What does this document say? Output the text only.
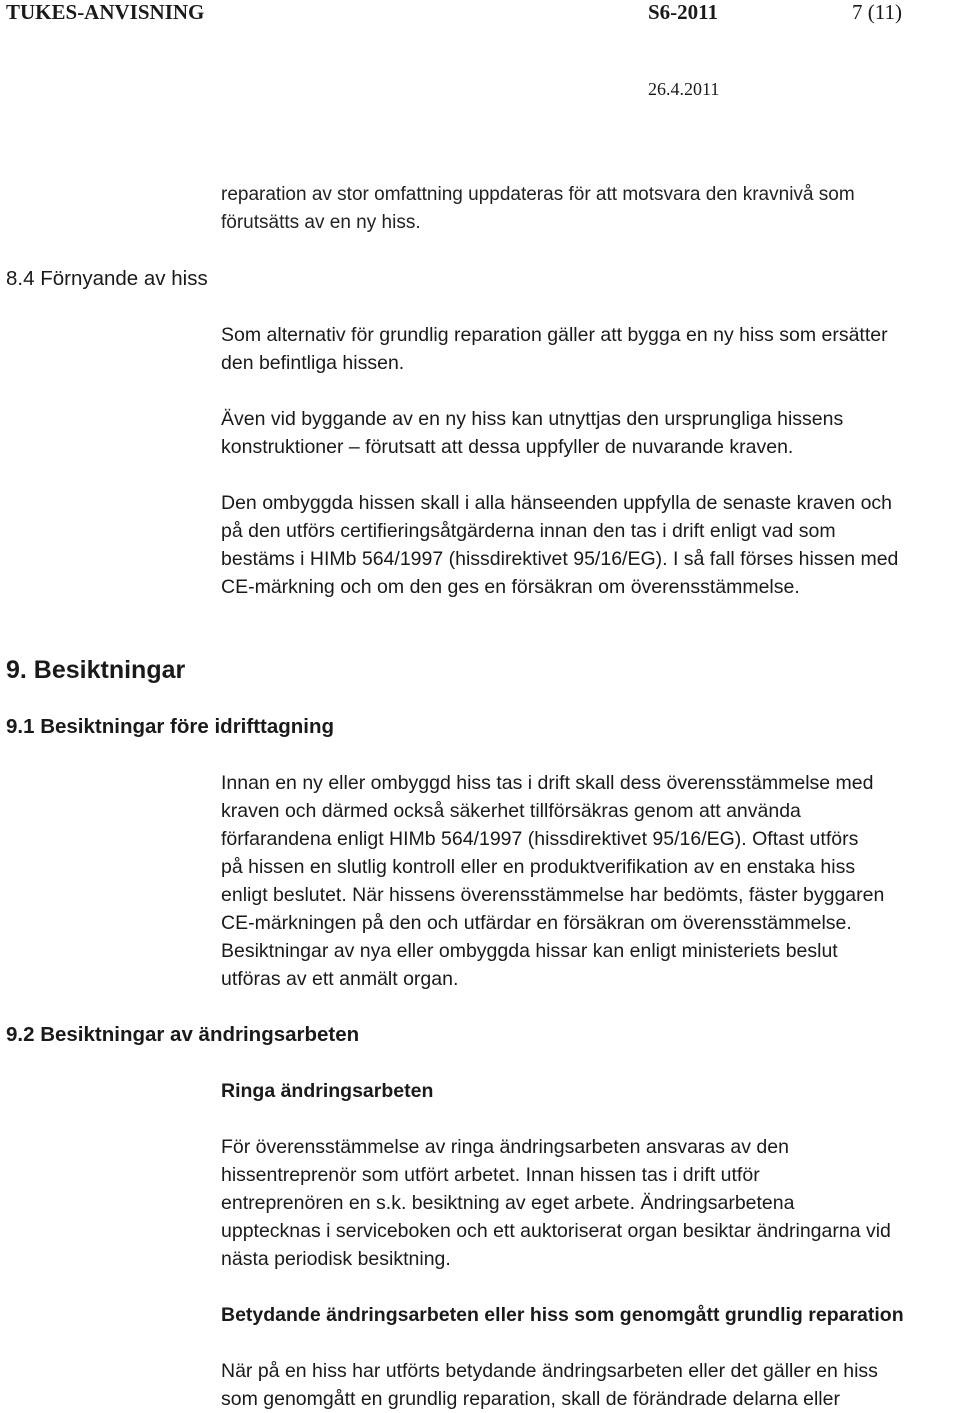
TUKES-ANVISNING	S6-2011	7 (11)
26.4.2011
reparation av stor omfattning uppdateras för att motsvara den kravnivå som
förutsätts av en ny hiss.
8.4 Förnyande av hiss
Som alternativ för grundlig reparation gäller att bygga en ny hiss som ersätter
den befintliga hissen.
Även vid byggande av en ny hiss kan utnyttjas den ursprungliga hissens
konstruktioner – förutsatt att dessa uppfyller de nuvarande kraven.
Den ombyggda hissen skall i alla hänseenden uppfylla de senaste kraven och
på den utförs certifieringsåtgärderna innan den tas i drift enligt vad som
bestäms i HIMb 564/1997 (hissdirektivet 95/16/EG). I så fall förses hissen med
CE-märkning och om den ges en försäkran om överensstämmelse.
9. Besiktningar
9.1 Besiktningar före idrifttagning
Innan en ny eller ombyggd hiss tas i drift skall dess överensstämmelse med
kraven och därmed också säkerhet tillförsäkras genom att använda
förfarandena enligt HIMb 564/1997 (hissdirektivet 95/16/EG). Oftast utförs
på hissen en slutlig kontroll eller en produktverifikation av en enstaka hiss
enligt beslutet. När hissens överensstämmelse har bedömts, fäster byggaren
CE-märkningen på den och utfärdar en försäkran om överensstämmelse.
Besiktningar av nya eller ombyggda hissar kan enligt ministeriets beslut
utföras av ett anmält organ.
9.2 Besiktningar av ändringsarbeten
Ringa ändringsarbeten
För överensstämmelse av ringa ändringsarbeten ansvaras av den
hissentreprenör som utfört arbetet. Innan hissen tas i drift utför
entreprenören en s.k. besiktning av eget arbete. Ändringsarbetena
upptecknas i serviceboken och ett auktoriserat organ besiktar ändringarna vid
nästa periodisk besiktning.
Betydande ändringsarbeten eller hiss som genomgått grundlig reparation
När på en hiss har utförts betydande ändringsarbeten eller det gäller en hiss
som genomgått en grundlig reparation, skall de förändrade delarna eller
